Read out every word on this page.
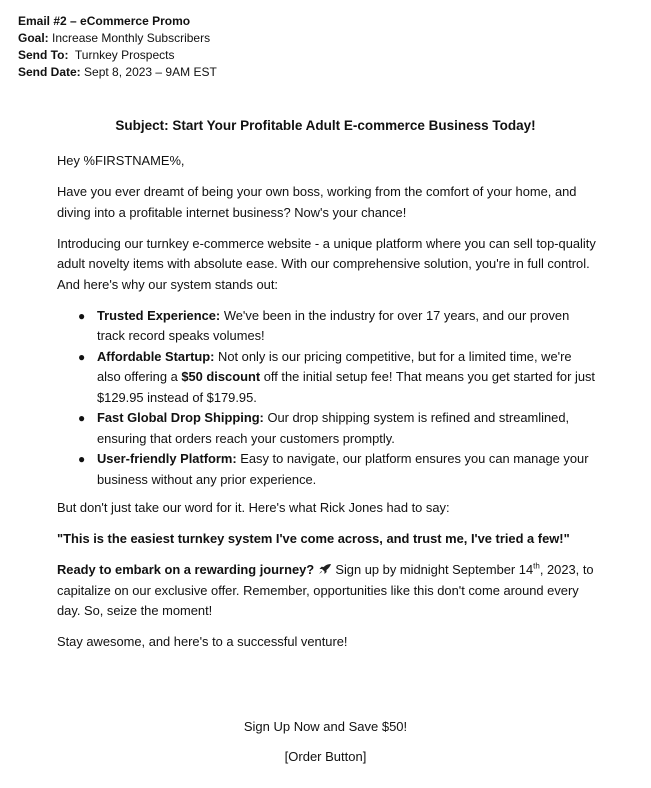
Email #2 – eCommerce Promo
Goal: Increase Monthly Subscribers
Send To: Turnkey Prospects
Send Date: Sept 8, 2023 – 9AM EST
Subject: Start Your Profitable Adult E-commerce Business Today!

Hey %FIRSTNAME%,

Have you ever dreamt of being your own boss, working from the comfort of your home, and diving into a profitable internet business? Now's your chance!

Introducing our turnkey e-commerce website - a unique platform where you can sell top-quality adult novelty items with absolute ease. With our comprehensive solution, you're in full control. And here's why our system stands out:

● Trusted Experience: We've been in the industry for over 17 years, and our proven track record speaks volumes!
● Affordable Startup: Not only is our pricing competitive, but for a limited time, we're also offering a $50 discount off the initial setup fee! That means you get started for just $129.95 instead of $179.95.
● Fast Global Drop Shipping: Our drop shipping system is refined and streamlined, ensuring that orders reach your customers promptly.
● User-friendly Platform: Easy to navigate, our platform ensures you can manage your business without any prior experience.

But don't just take our word for it. Here's what Rick Jones had to say:

"This is the easiest turnkey system I've come across, and trust me, I've tried a few!"

Ready to embark on a rewarding journey?  Sign up by midnight September 14th, 2023, to capitalize on our exclusive offer. Remember, opportunities like this don't come around every day. So, seize the moment!

Stay awesome, and here's to a successful venture!

Sign Up Now and Save $50!
[Order Button]
